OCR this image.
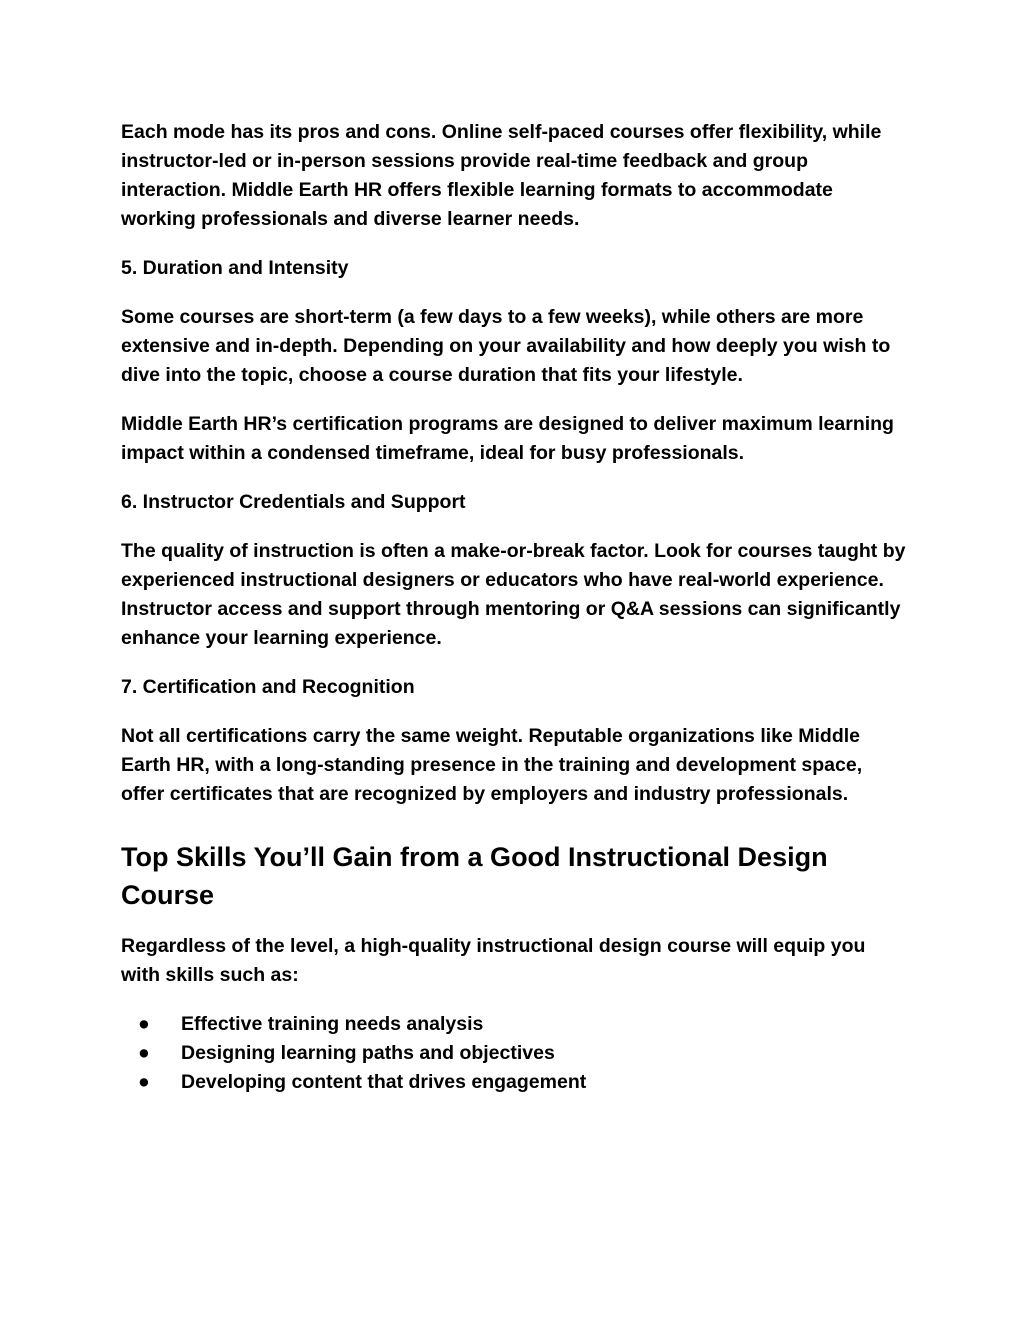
Each mode has its pros and cons. Online self-paced courses offer flexibility, while instructor-led or in-person sessions provide real-time feedback and group interaction. Middle Earth HR offers flexible learning formats to accommodate working professionals and diverse learner needs.

5. Duration and Intensity

Some courses are short-term (a few days to a few weeks), while others are more extensive and in-depth. Depending on your availability and how deeply you wish to dive into the topic, choose a course duration that fits your lifestyle.

Middle Earth HR’s certification programs are designed to deliver maximum learning impact within a condensed timeframe, ideal for busy professionals.

6. Instructor Credentials and Support

The quality of instruction is often a make-or-break factor. Look for courses taught by experienced instructional designers or educators who have real-world experience. Instructor access and support through mentoring or Q&A sessions can significantly enhance your learning experience.

7. Certification and Recognition

Not all certifications carry the same weight. Reputable organizations like Middle Earth HR, with a long-standing presence in the training and development space, offer certificates that are recognized by employers and industry professionals.

Top Skills You’ll Gain from a Good Instructional Design Course

Regardless of the level, a high-quality instructional design course will equip you with skills such as:

● Effective training needs analysis
● Designing learning paths and objectives
● Developing content that drives engagement
